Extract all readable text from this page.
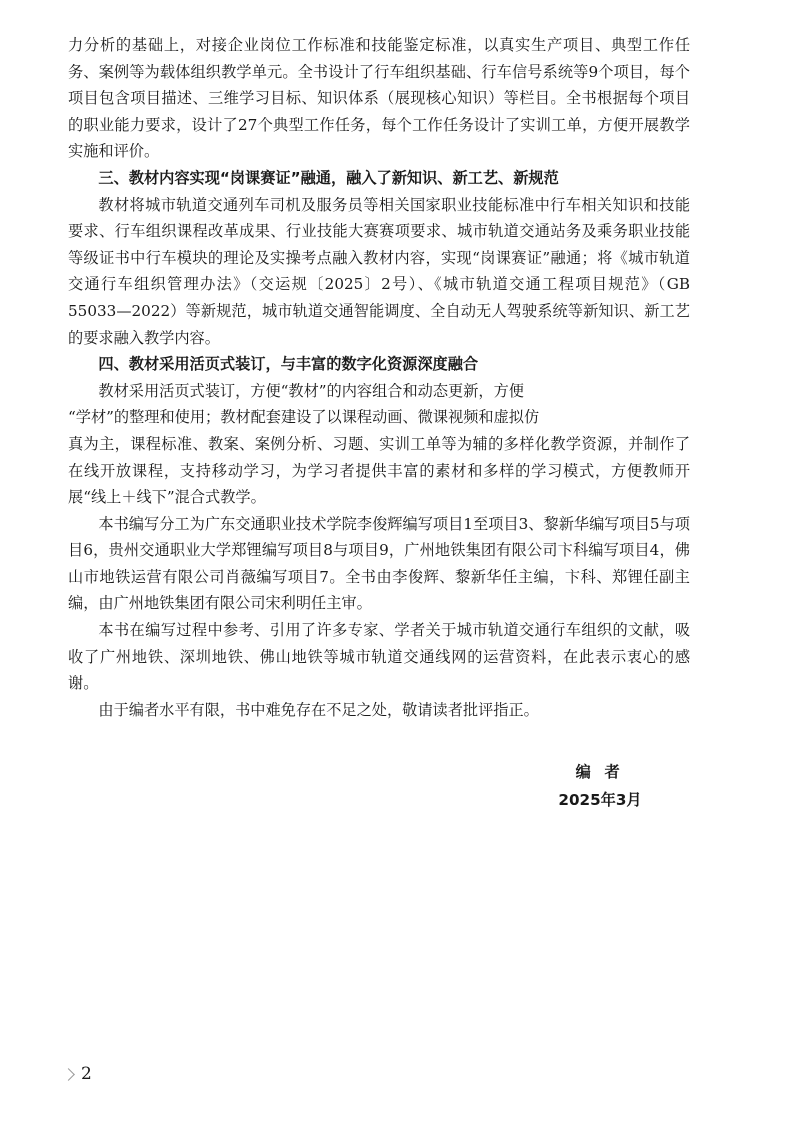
力分析的基础上，对接企业岗位工作标准和技能鉴定标准，以真实生产项目、典型工作任务、案例等为载体组织教学单元。全书设计了行车组织基础、行车信号系统等9个项目，每个项目包含项目描述、三维学习目标、知识体系（展现核心知识）等栏目。全书根据每个项目的职业能力要求，设计了27个典型工作任务，每个工作任务设计了实训工单，方便开展教学实施和评价。

三、教材内容实现“岗课赛证”融通，融入了新知识、新工艺、新规范

教材将城市轨道交通列车司机及服务员等相关国家职业技能标准中行车相关知识和技能要求、行车组织课程改革成果、行业技能大赛赛项要求、城市轨道交通站务及乘务职业技能等级证书中行车模块的理论及实操考点融入教材内容，实现“岗课赛证”融通；将《城市轨道交通行车组织管理办法》（交运规〔2025〕2号）、《城市轨道交通工程项目规范》（GB 55033—2022）等新规范，城市轨道交通智能调度、全自动无人驾驶系统等新知识、新工艺的要求融入教学内容。

四、教材采用活页式装订，与丰富的数字化资源深度融合

教材采用活页式装订，方便“教材”的内容组合和动态更新，方便

“学材”的整理和使用；教材配套建设了以课程动画、微课视频和虚拟仿

真为主，课程标准、教案、案例分析、习题、实训工单等为辅的多样化教学资源，并制作了在线开放课程，支持移动学习，为学习者提供丰富的素材和多样的学习模式，方便教师开展“线上＋线下”混合式教学。

本书编写分工为广东交通职业技术学院李俊辉编写项目1至项目3、黎新华编写项目5与项目6，贵州交通职业大学郑锂编写项目8与项目9，广州地铁集团有限公司卞科编写项目4，佛山市地铁运营有限公司肖薇编写项目7。全书由李俊辉、黎新华任主编，卞科、郑锂任副主编，由广州地铁集团有限公司宋利明任主审。

本书在编写过程中参考、引用了许多专家、学者关于城市轨道交通行车组织的文献，吸收了广州地铁、深圳地铁、佛山地铁等城市轨道交通线网的运营资料，在此表示衷心的感谢。

由于编者水平有限，书中难免存在不足之处，敬请读者批评指正。

编者
2025年3月
2
